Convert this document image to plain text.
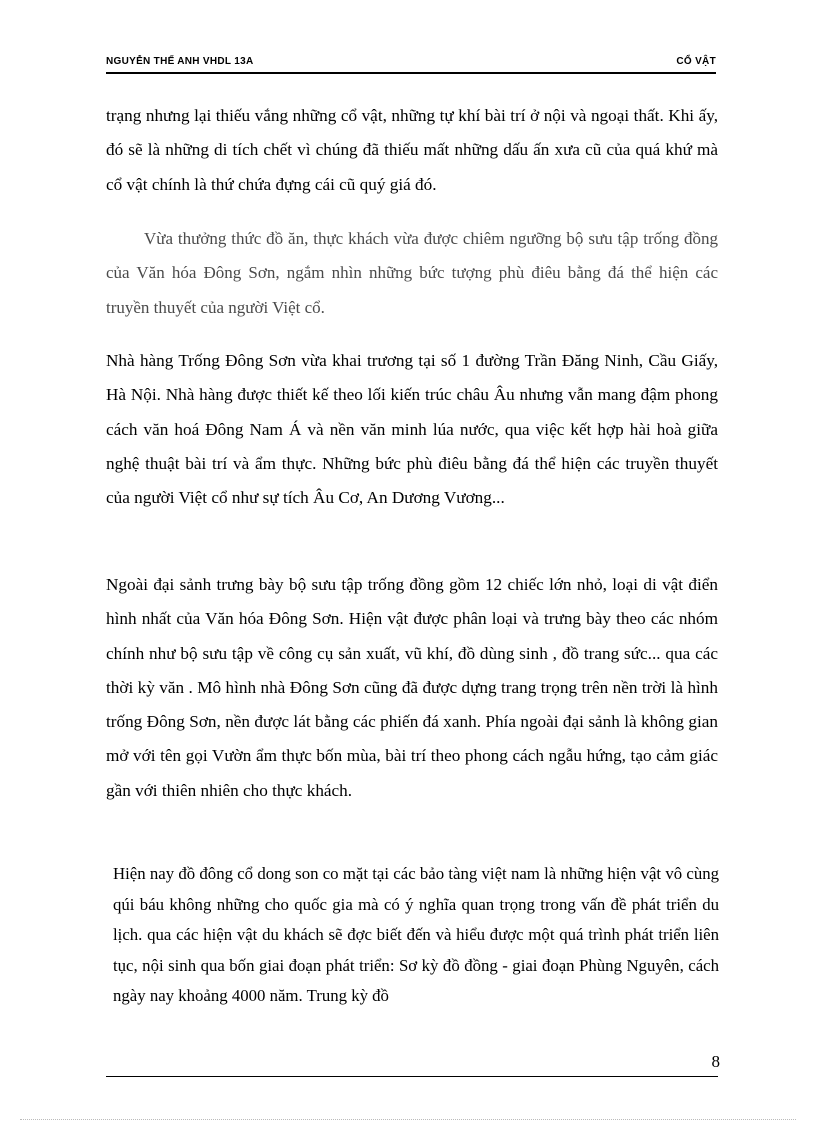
NGUYỄN THẾ ANH VHDL 13A	CỔ VẬT

trạng nhưng lại thiếu vắng những cổ vật, những tự khí bài trí ở nội và ngoại thất. Khi ấy, đó sẽ là những di tích chết vì chúng đã thiếu mất những dấu ấn xưa cũ của quá khứ mà cổ vật chính là thứ chứa đựng cái cũ quý giá đó.

Vừa thưởng thức đồ ăn, thực khách vừa được chiêm ngưỡng bộ sưu tập trống đồng của Văn hóa Đông Sơn, ngắm nhìn những bức tượng phù điêu bằng đá thể hiện các truyền thuyết của người Việt cổ.

Nhà hàng Trống Đông Sơn vừa khai trương tại số 1 đường Trần Đăng Ninh, Cầu Giấy, Hà Nội. Nhà hàng được thiết kế theo lối kiến trúc châu Âu nhưng vẫn mang đậm phong cách văn hoá Đông Nam Á và nền văn minh lúa nước, qua việc kết hợp hài hoà giữa nghệ thuật bài trí và ẩm thực. Những bức phù điêu bằng đá thể hiện các truyền thuyết của người Việt cổ như sự tích Âu Cơ, An Dương Vương...

Ngoài đại sảnh trưng bày bộ sưu tập trống đồng gồm 12 chiếc lớn nhỏ, loại di vật điển hình nhất của Văn hóa Đông Sơn. Hiện vật được phân loại và trưng bày theo các nhóm chính như bộ sưu tập về công cụ sản xuất, vũ khí, đồ dùng sinh , đồ trang sức... qua các thời kỳ văn . Mô hình nhà Đông Sơn cũng đã được dựng trang trọng trên nền trời là hình trống Đông Sơn, nền được lát bằng các phiến đá xanh. Phía ngoài đại sảnh là không gian mở với tên gọi Vườn ẩm thực bốn mùa, bài trí theo phong cách ngẫu hứng, tạo cảm giác gần với thiên nhiên cho thực khách.

Hiện nay đồ đông cổ dong son co mặt tại các bảo tàng việt nam là những hiện vật vô cùng qúi báu không những cho quốc gia mà có ý nghĩa quan trọng trong vấn đề phát triển du lịch. qua các hiện vật du khách sẽ đợc biết đến và hiểu được một quá trình phát triển liên tục, nội sinh qua bốn giai đoạn phát triển: Sơ kỳ đồ đồng - giai đoạn Phùng Nguyên, cách ngày nay khoảng 4000 năm. Trung kỳ đồ

8
